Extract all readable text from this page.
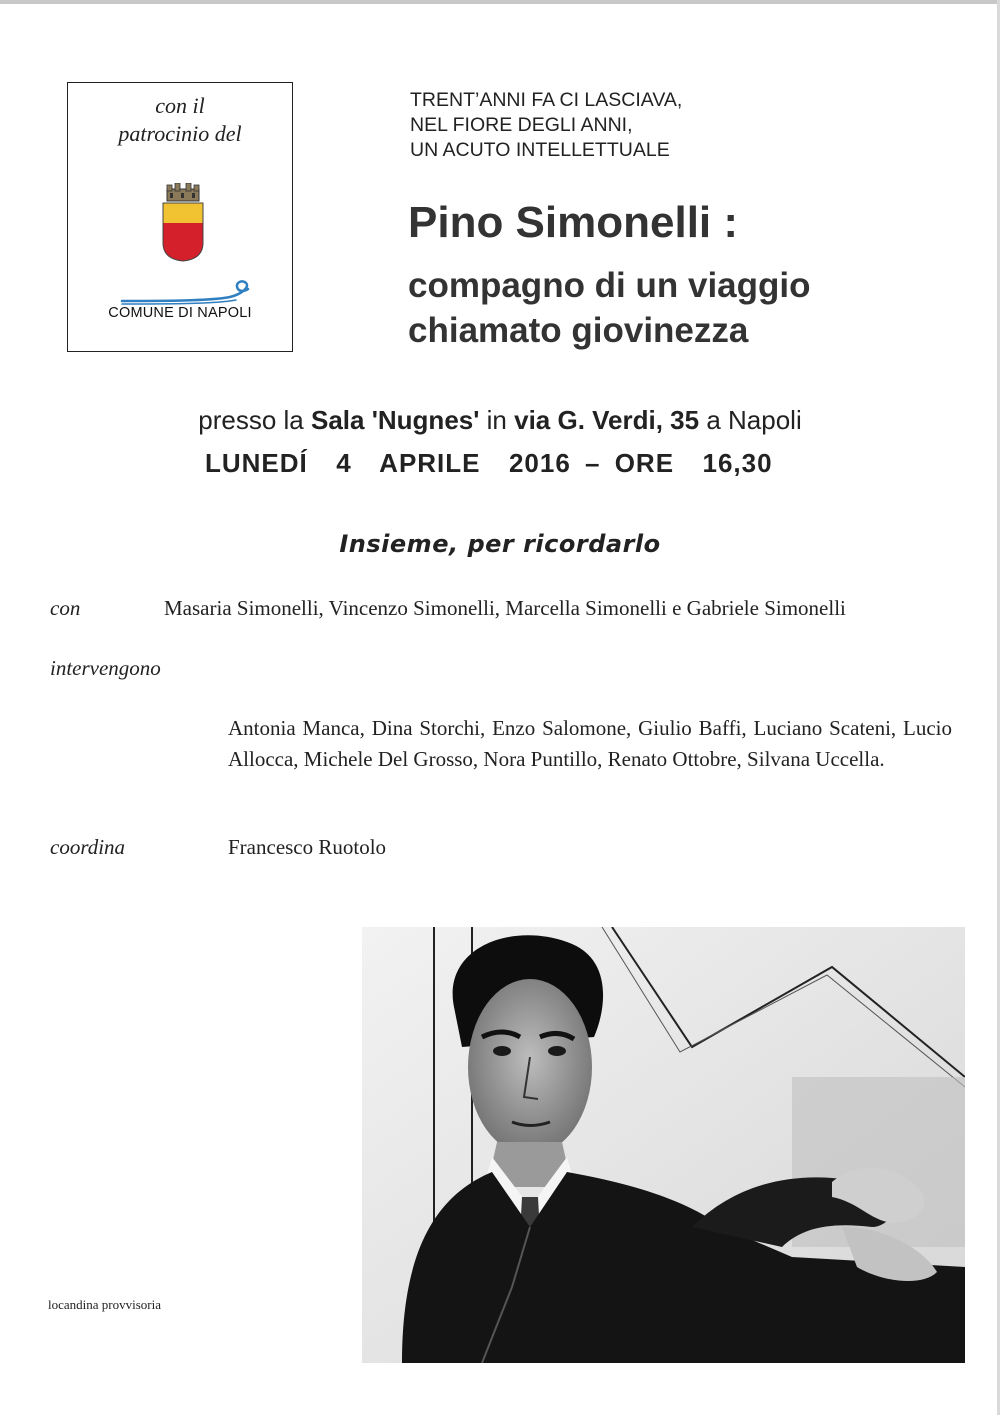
con il
patrocinio del
COMUNE DI NAPOLI
TRENT’ANNI FA CI LASCIAVA,
NEL FIORE DEGLI ANNI,
UN ACUTO INTELLETTUALE
Pino Simonelli :
compagno di un viaggio
chiamato giovinezza
presso la Sala 'Nugnes' in via G. Verdi, 35 a Napoli
LUNEDÍ  4  APRILE  2016 – ORE  16,30
Insieme, per ricordarlo
con	Masaria Simonelli, Vincenzo Simonelli, Marcella Simonelli e Gabriele Simonelli
intervengono
Antonia Manca, Dina Storchi, Enzo Salomone, Giulio Baffi, Luciano Scateni, Lucio Allocca, Michele Del Grosso, Nora Puntillo, Renato Ottobre, Silvana Uccella.
coordina	Francesco Ruotolo
locandina provvisoria
